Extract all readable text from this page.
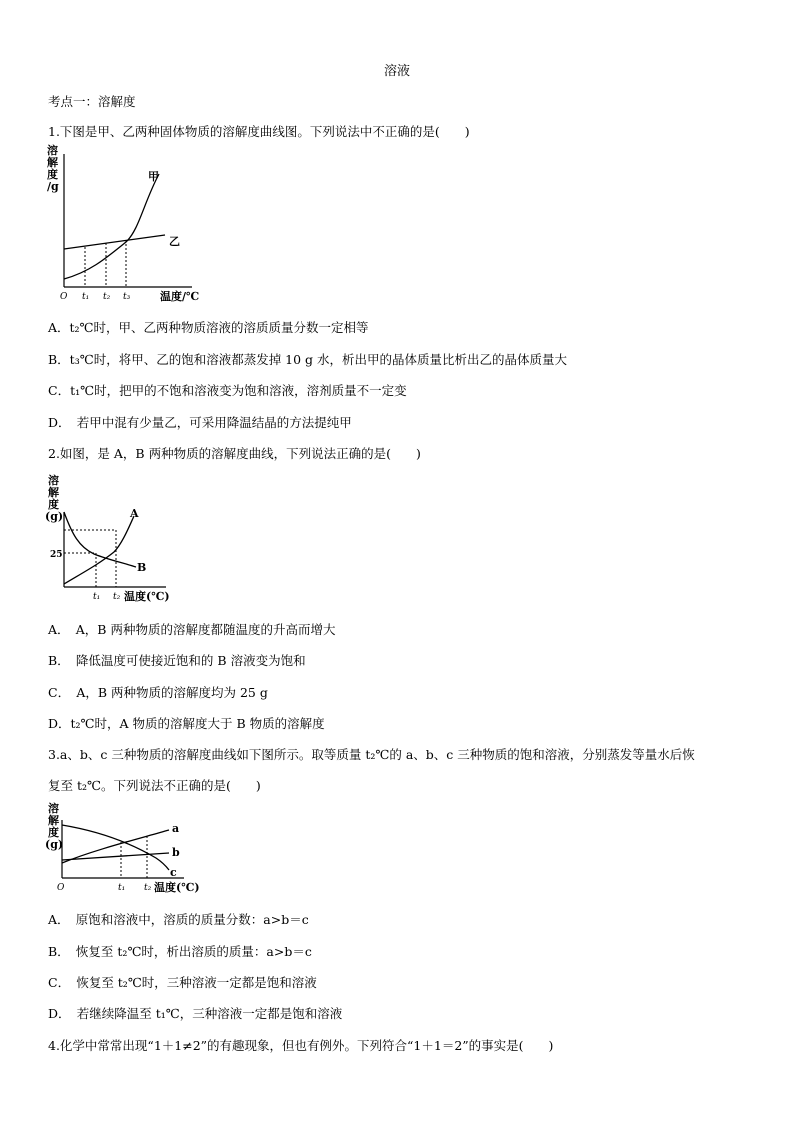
溶液
考点一：溶解度
1.下图是甲、乙两种固体物质的溶解度曲线图。下列说法中不正确的是(　　)
溶
解
度
/g
O t₁ t₂ t₃	温度/℃
甲
乙
A．t₂℃时，甲、乙两种物质溶液的溶质质量分数一定相等
B．t₃℃时，将甲、乙的饱和溶液都蒸发掉 10 g 水，析出甲的晶体质量比析出乙的晶体质量大
C．t₁℃时，把甲的不饱和溶液变为饱和溶液，溶剂质量不一定变
D．　若甲中混有少量乙，可采用降温结晶的方法提纯甲
2.如图，是 A，B 两种物质的溶解度曲线，下列说法正确的是(　　)
溶
解
度
(g)
25
t₁ t₂ 温度(℃)
A
B
A．　A，B 两种物质的溶解度都随温度的升高而增大
B．　降低温度可使接近饱和的 B 溶液变为饱和
C．　A，B 两种物质的溶解度均为 25 g
D．t₂℃时，A 物质的溶解度大于 B 物质的溶解度
3.a、b、c 三种物质的溶解度曲线如下图所示。取等质量 t₂℃的 a、b、c 三种物质的饱和溶液，分别蒸发等量水后恢
复至 t₂℃。下列说法不正确的是(　　)
溶
解
度
(g)
O	t₁ t₂ 温度(℃)
a
b
c
A．　原饱和溶液中，溶质的质量分数：a>b＝c
B．　恢复至 t₂℃时，析出溶质的质量：a>b＝c
C．　恢复至 t₂℃时，三种溶液一定都是饱和溶液
D．　若继续降温至 t₁℃，三种溶液一定都是饱和溶液
4.化学中常常出现“1＋1≠2”的有趣现象，但也有例外。下列符合“1＋1＝2”的事实是(　　)
